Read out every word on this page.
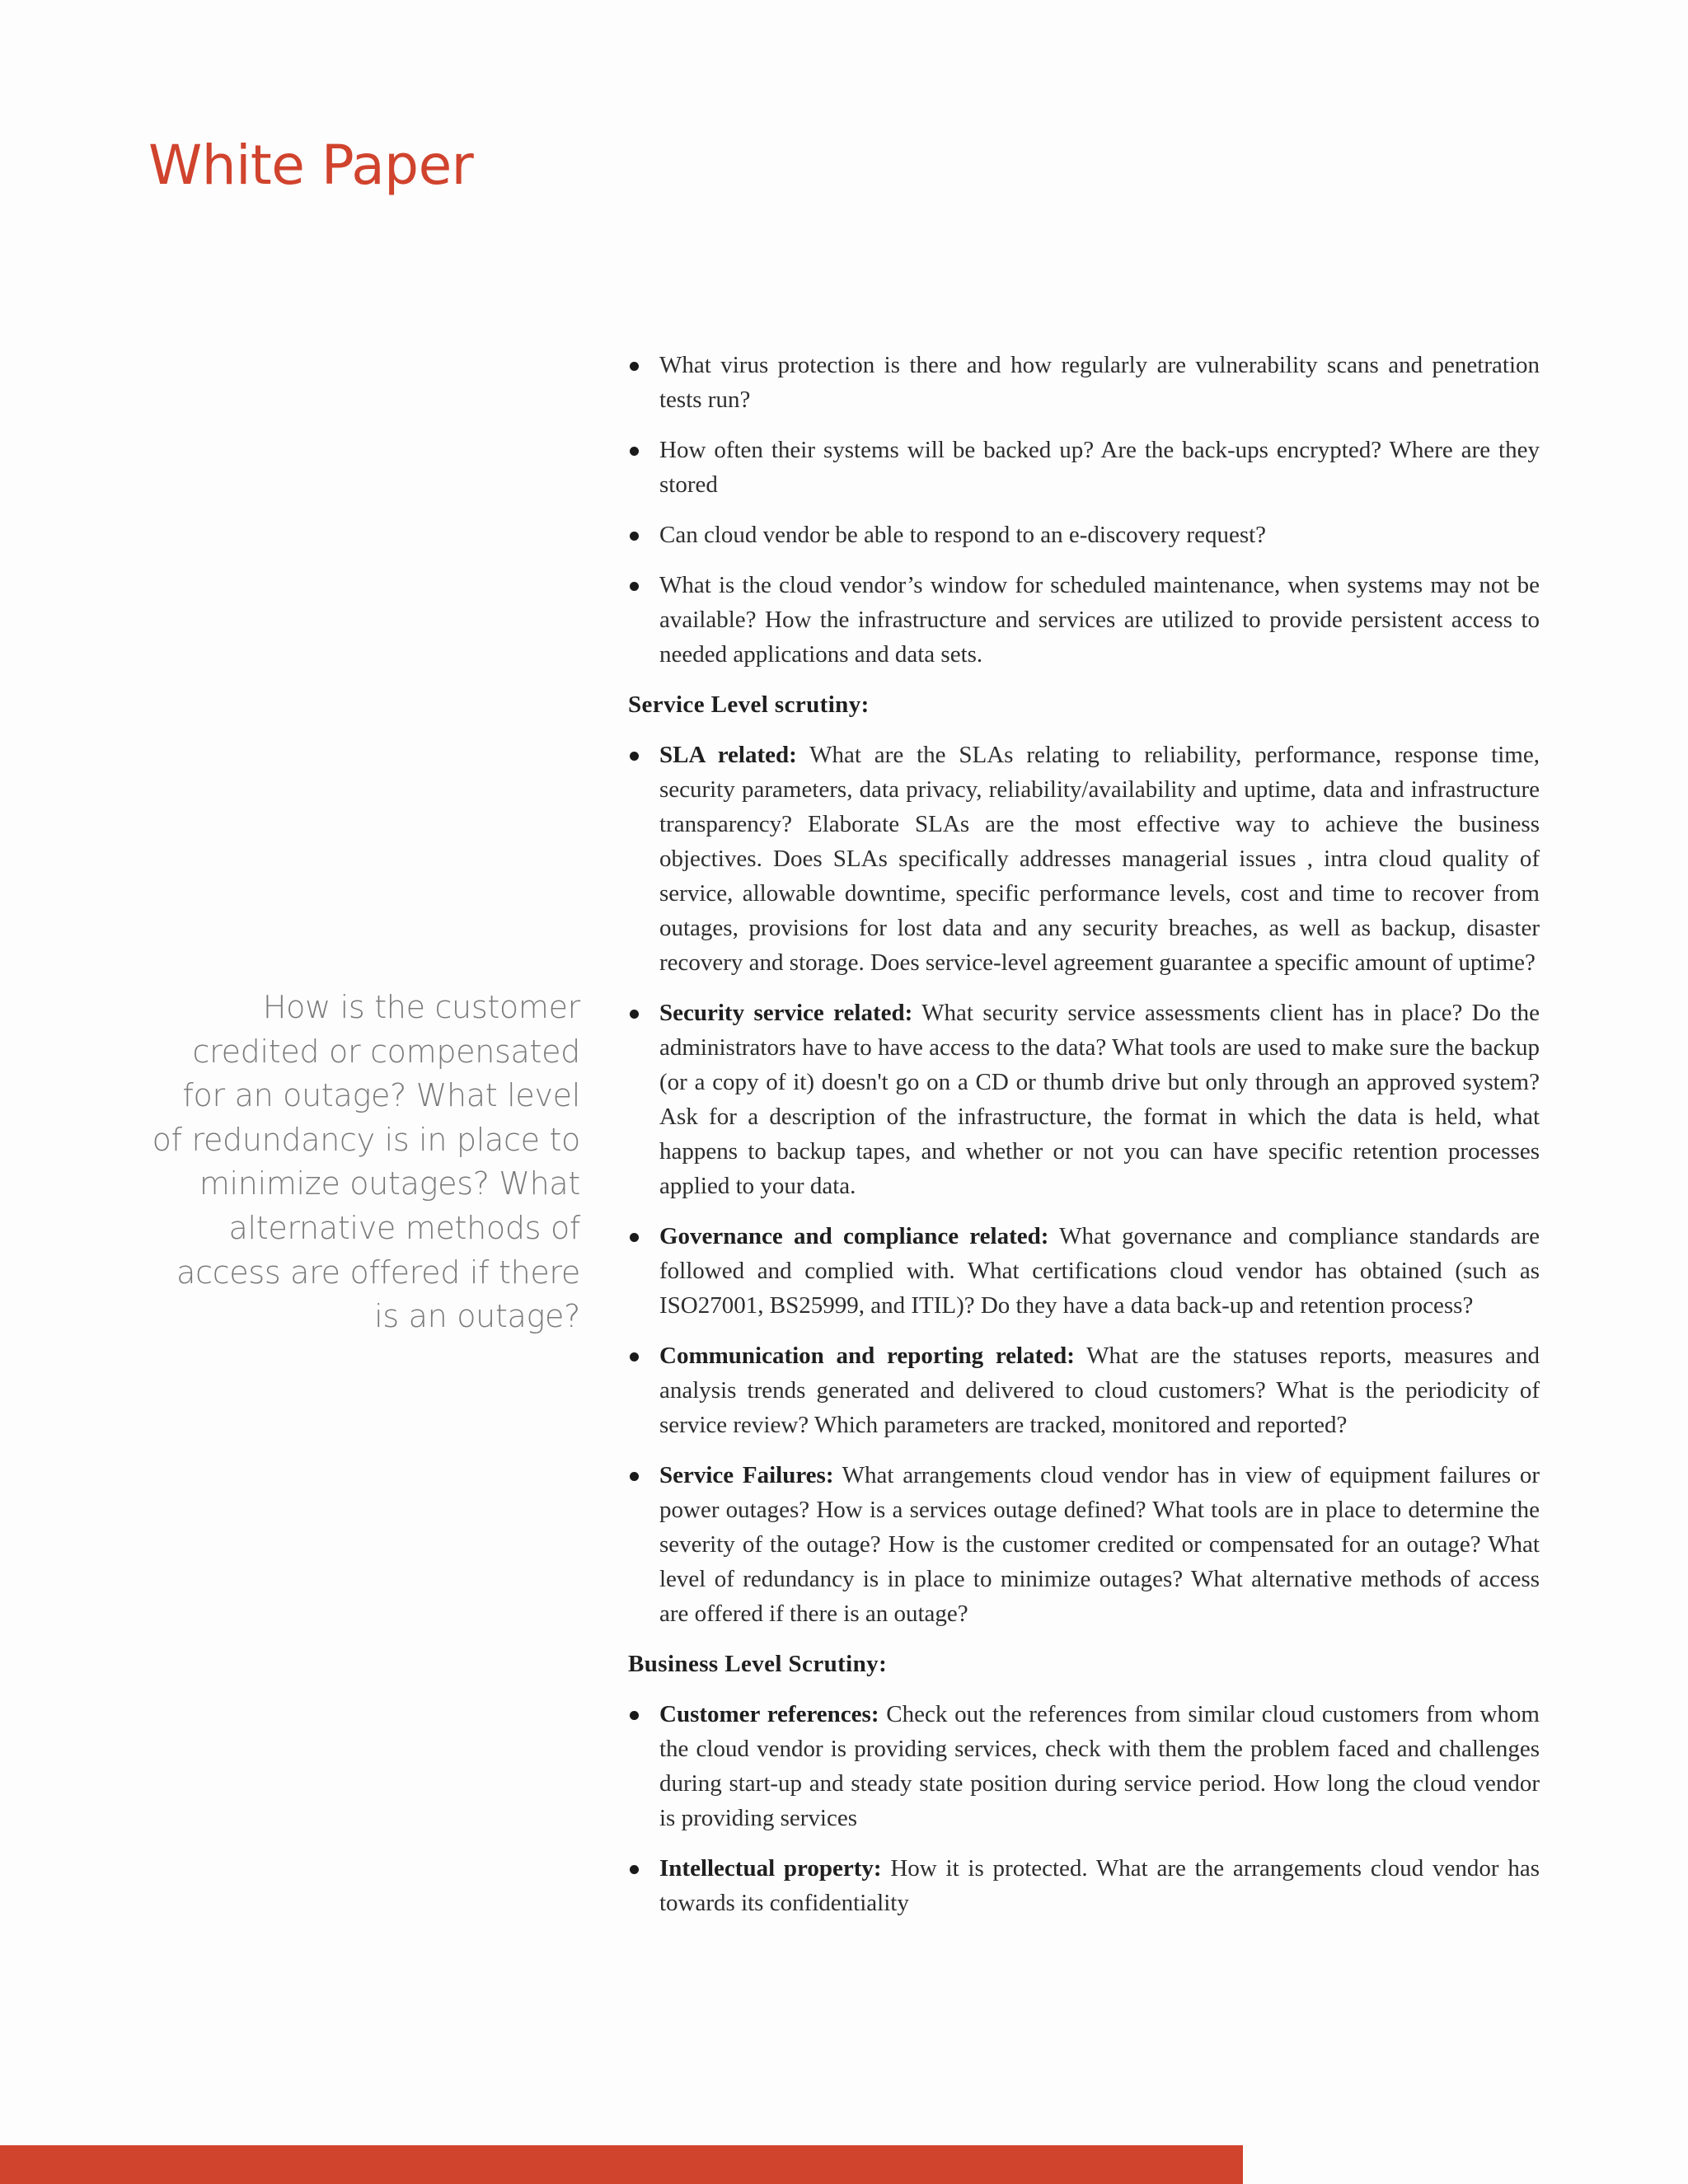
White Paper
How is the customer credited or compensated for an outage? What level of redundancy is in place to minimize outages? What alternative methods of access are offered if there is an outage?
What virus protection is there and how regularly are vulnerability scans and penetration tests run?
How often their systems will be backed up? Are the back-ups encrypted? Where are they stored
Can cloud vendor be able to respond to an e-discovery request?
What is the cloud vendor’s window for scheduled maintenance, when systems may not be available? How the infrastructure and services are utilized to provide persistent access to needed applications and data sets.

Service Level scrutiny:

SLA related: What are the SLAs relating to reliability, performance, response time, security parameters, data privacy, reliability/availability and uptime, data and infrastructure transparency? Elaborate SLAs are the most effective way to achieve the business objectives. Does SLAs specifically addresses managerial issues , intra cloud quality of service, allowable downtime, specific performance levels, cost and time to recover from outages, provisions for lost data and any security breaches, as well as backup, disaster recovery and storage. Does service-level agreement guarantee a specific amount of uptime?
Security service related: What security service assessments client has in place? Do the administrators have to have access to the data? What tools are used to make sure the backup (or a copy of it) doesn't go on a CD or thumb drive but only through an approved system? Ask for a description of the infrastructure, the format in which the data is held, what happens to backup tapes, and whether or not you can have specific retention processes applied to your data.
Governance and compliance related: What governance and compliance standards are followed and complied with. What certifications cloud vendor has obtained (such as ISO27001, BS25999, and ITIL)? Do they have a data back-up and retention process?
Communication and reporting related: What are the statuses reports, measures and analysis trends generated and delivered to cloud customers? What is the periodicity of service review? Which parameters are tracked, monitored and reported?
Service Failures: What arrangements cloud vendor has in view of equipment failures or power outages? How is a services outage defined? What tools are in place to determine the severity of the outage? How is the customer credited or compensated for an outage? What level of redundancy is in place to minimize outages? What alternative methods of access are offered if there is an outage?

Business Level Scrutiny:

Customer references: Check out the references from similar cloud customers from whom the cloud vendor is providing services, check with them the problem faced and challenges during start-up and steady state position during service period. How long the cloud vendor is providing services
Intellectual property: How it is protected. What are the arrangements cloud vendor has towards its confidentiality
